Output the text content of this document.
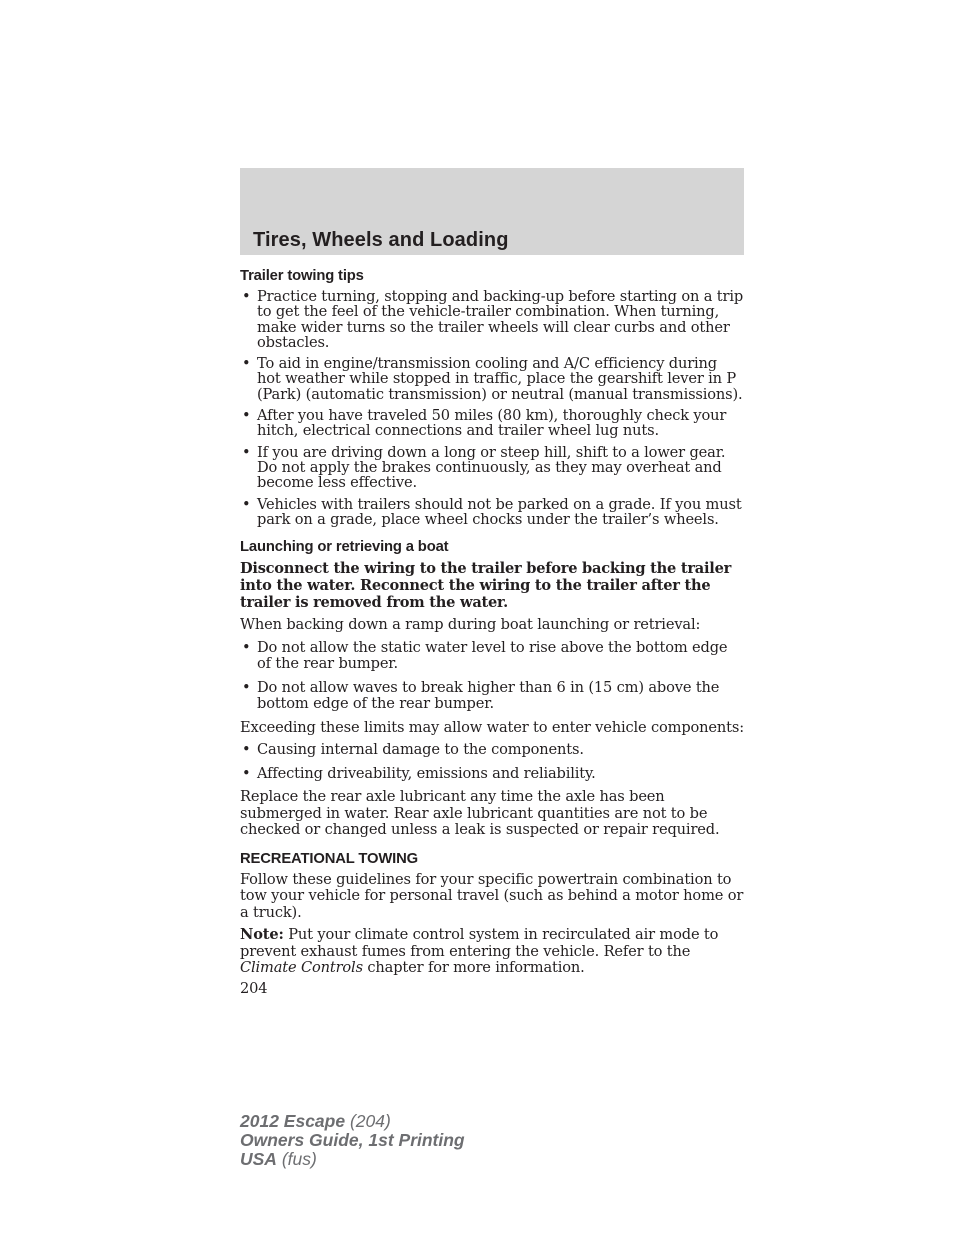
Tires, Wheels and Loading
Trailer towing tips
• Practice turning, stopping and backing-up before starting on a trip to get the feel of the vehicle-trailer combination. When turning, make wider turns so the trailer wheels will clear curbs and other obstacles.
• To aid in engine/transmission cooling and A/C efficiency during hot weather while stopped in traffic, place the gearshift lever in P (Park) (automatic transmission) or neutral (manual transmissions).
• After you have traveled 50 miles (80 km), thoroughly check your hitch, electrical connections and trailer wheel lug nuts.
• If you are driving down a long or steep hill, shift to a lower gear. Do not apply the brakes continuously, as they may overheat and become less effective.
• Vehicles with trailers should not be parked on a grade. If you must park on a grade, place wheel chocks under the trailer’s wheels.
Launching or retrieving a boat

Disconnect the wiring to the trailer before backing the trailer into the water. Reconnect the wiring to the trailer after the trailer is removed from the water.

When backing down a ramp during boat launching or retrieval:

• Do not allow the static water level to rise above the bottom edge of the rear bumper.
• Do not allow waves to break higher than 6 in (15 cm) above the bottom edge of the rear bumper.

Exceeding these limits may allow water to enter vehicle components:

• Causing internal damage to the components.
• Affecting driveability, emissions and reliability.

Replace the rear axle lubricant any time the axle has been submerged in water. Rear axle lubricant quantities are not to be checked or changed unless a leak is suspected or repair required.

RECREATIONAL TOWING

Follow these guidelines for your specific powertrain combination to tow your vehicle for personal travel (such as behind a motor home or a truck).

Note: Put your climate control system in recirculated air mode to prevent exhaust fumes from entering the vehicle. Refer to the Climate Controls chapter for more information.

204
2012 Escape (204)
Owners Guide, 1st Printing
USA (fus)
